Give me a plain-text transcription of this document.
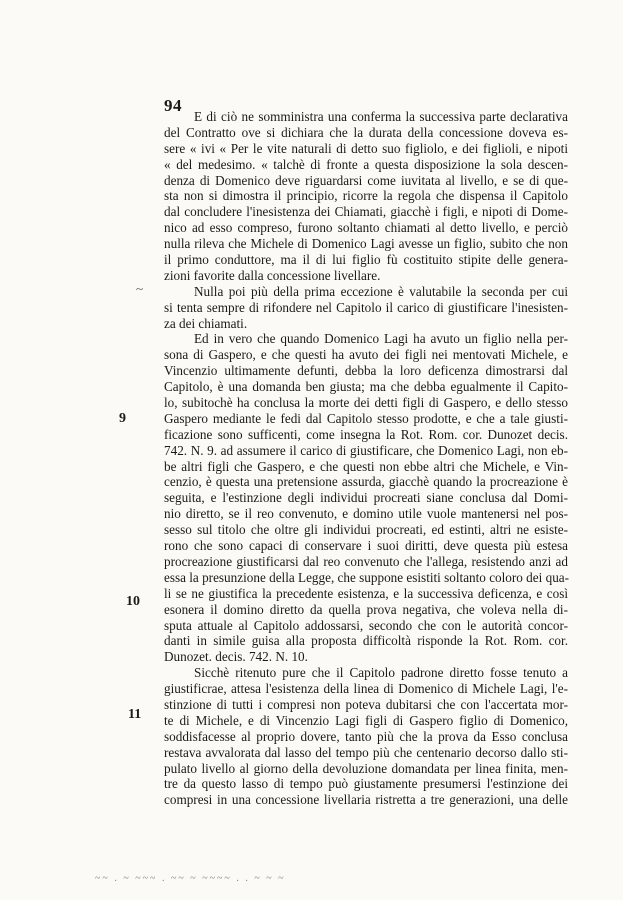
94
9
10
11
~
E di ciò ne somministra una conferma la successiva parte declarativa
del Contratto ove si dichiara che la durata della concessione doveva es-
sere « ivi « Per le vite naturali di detto suo figliolo, e dei figlioli, e nipoti
« del medesimo. « talchè di fronte a questa disposizione la sola descen-
denza di Domenico deve riguardarsi come iuvitata al livello, e se di que-
sta non si dimostra il principio, ricorre la regola che dispensa il Capitolo
dal concludere l'inesistenza dei Chiamati, giacchè i figli, e nipoti di Dome-
nico ad esso compreso, furono soltanto chiamati al detto livello, e perciò
nulla rileva che Michele di Domenico Lagi avesse un figlio, subito che non
il primo conduttore, ma il di lui figlio fù costituito stipite delle genera-
zioni favorite dalla concessione livellare.
Nulla poi più della prima eccezione è valutabile la seconda per cui
si tenta sempre di rifondere nel Capitolo il carico di giustificare l'inesisten-
za dei chiamati.
Ed in vero che quando Domenico Lagi ha avuto un figlio nella per-
sona di Gaspero, e che questi ha avuto dei figli nei mentovati Michele, e
Vincenzio ultimamente defunti, debba la loro deficenza dimostrarsi dal
Capitolo, è una domanda ben giusta; ma che debba egualmente il Capito-
lo, subitochè ha conclusa la morte dei detti figli di Gaspero, e dello stesso
Gaspero mediante le fedi dal Capitolo stesso prodotte, e che a tale giusti-
ficazione sono sufficenti, come insegna la Rot. Rom. cor. Dunozet decis.
742. N. 9. ad assumere il carico di giustificare, che Domenico Lagi, non eb-
be altri figli che Gaspero, e che questi non ebbe altri che Michele, e Vin-
cenzio, è questa una pretensione assurda, giacchè quando la procreazione è
seguita, e l'estinzione degli individui procreati siane conclusa dal Domi-
nio diretto, se il reo convenuto, e domino utile vuole mantenersi nel pos-
sesso sul titolo che oltre gli individui procreati, ed estinti, altri ne esiste-
rono che sono capaci di conservare i suoi diritti, deve questa più estesa
procreazione giustificarsi dal reo convenuto che l'allega, resistendo anzi ad
essa la presunzione della Legge, che suppone esistiti soltanto coloro dei qua-
li se ne giustifica la precedente esistenza, e la successiva deficenza, e così
esonera il domino diretto da quella prova negativa, che voleva nella di-
sputa attuale al Capitolo addossarsi, secondo che con le autorità concor-
danti in simile guisa alla proposta difficoltà risponde la Rot. Rom. cor.
Dunozet. decis. 742. N. 10.
Sicchè ritenuto pure che il Capitolo padrone diretto fosse tenuto a
giustificrae, attesa l'esistenza della linea di Domenico di Michele Lagi, l'e-
stinzione di tutti i compresi non poteva dubitarsi che con l'accertata mor-
te di Michele, e di Vincenzio Lagi figli di Gaspero figlio di Domenico,
soddisfacesse al proprio dovere, tanto più che la prova da Esso conclusa
restava avvalorata dal lasso del tempo più che centenario decorso dallo sti-
pulato livello al giorno della devoluzione domandata per linea finita, men-
tre da questo lasso di tempo può giustamente presumersi l'estinzione dei
compresi in una concessione livellaria ristretta a tre generazioni, una delle
~~ . ~ ~~~ . ~~ ~ ~~~~ . . ~ ~ ~
